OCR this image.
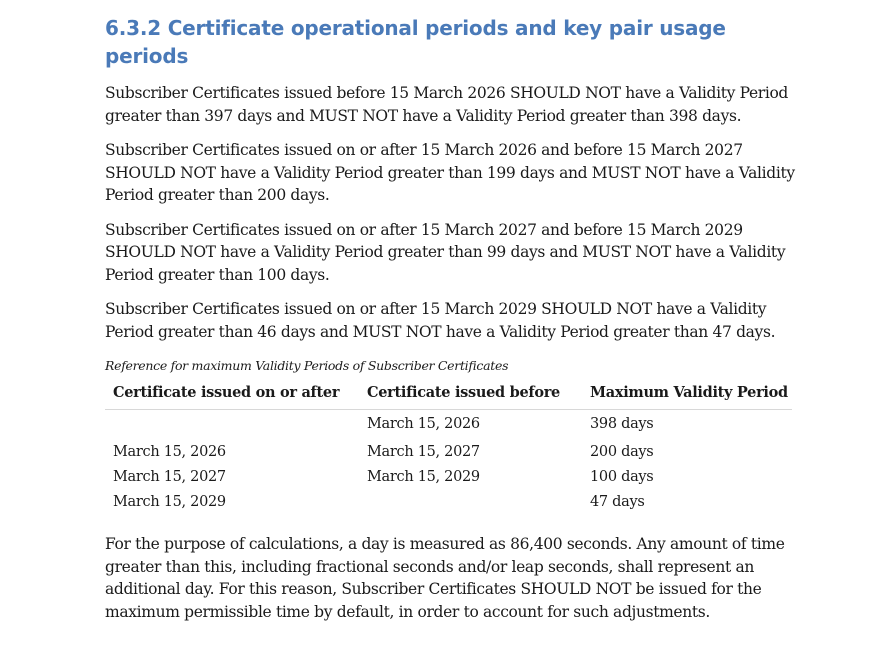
6.3.2 Certificate operational periods and key pair usage periods

Subscriber Certificates issued before 15 March 2026 SHOULD NOT have a Validity Period greater than 397 days and MUST NOT have a Validity Period greater than 398 days.

Subscriber Certificates issued on or after 15 March 2026 and before 15 March 2027 SHOULD NOT have a Validity Period greater than 199 days and MUST NOT have a Validity Period greater than 200 days.

Subscriber Certificates issued on or after 15 March 2027 and before 15 March 2029 SHOULD NOT have a Validity Period greater than 99 days and MUST NOT have a Validity Period greater than 100 days.

Subscriber Certificates issued on or after 15 March 2029 SHOULD NOT have a Validity Period greater than 46 days and MUST NOT have a Validity Period greater than 47 days.

Reference for maximum Validity Periods of Subscriber Certificates
Certificate issued on or after	Certificate issued before	Maximum Validity Period
	March 15, 2026	398 days
March 15, 2026	March 15, 2027	200 days
March 15, 2027	March 15, 2029	100 days
March 15, 2029		47 days

For the purpose of calculations, a day is measured as 86,400 seconds. Any amount of time greater than this, including fractional seconds and/or leap seconds, shall represent an additional day. For this reason, Subscriber Certificates SHOULD NOT be issued for the maximum permissible time by default, in order to account for such adjustments.
